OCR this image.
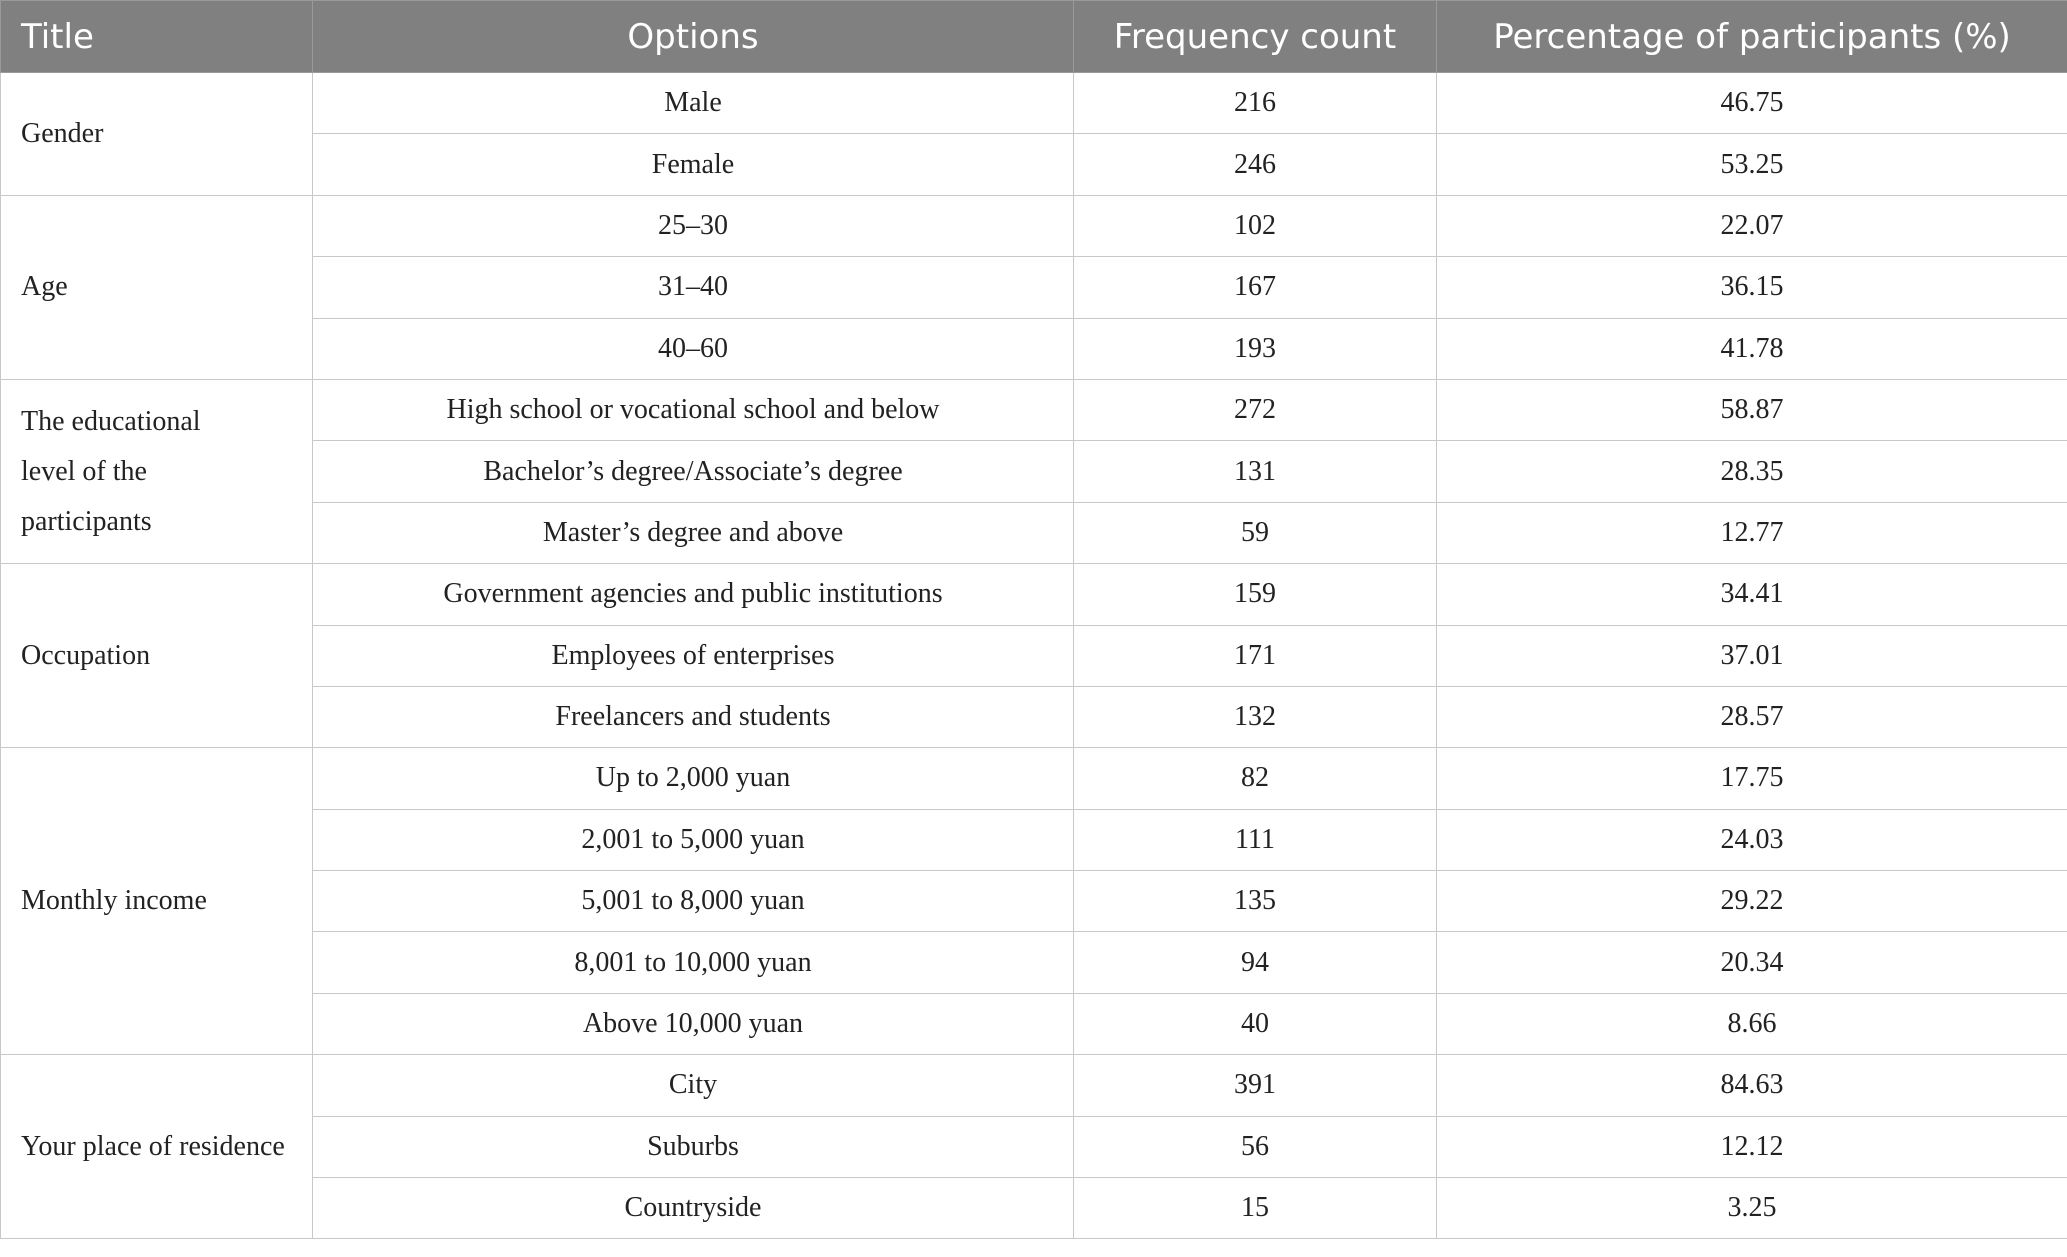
Title	Options	Frequency count	Percentage of participants (%)
Gender	Male	216	46.75
	Female	246	53.25
Age	25–30	102	22.07
	31–40	167	36.15
	40–60	193	41.78
The educational level of the participants	High school or vocational school and below	272	58.87
	Bachelor’s degree/Associate’s degree	131	28.35
	Master’s degree and above	59	12.77
Occupation	Government agencies and public institutions	159	34.41
	Employees of enterprises	171	37.01
	Freelancers and students	132	28.57
Monthly income	Up to 2,000 yuan	82	17.75
	2,001 to 5,000 yuan	111	24.03
	5,001 to 8,000 yuan	135	29.22
	8,001 to 10,000 yuan	94	20.34
	Above 10,000 yuan	40	8.66
Your place of residence	City	391	84.63
	Suburbs	56	12.12
	Countryside	15	3.25
